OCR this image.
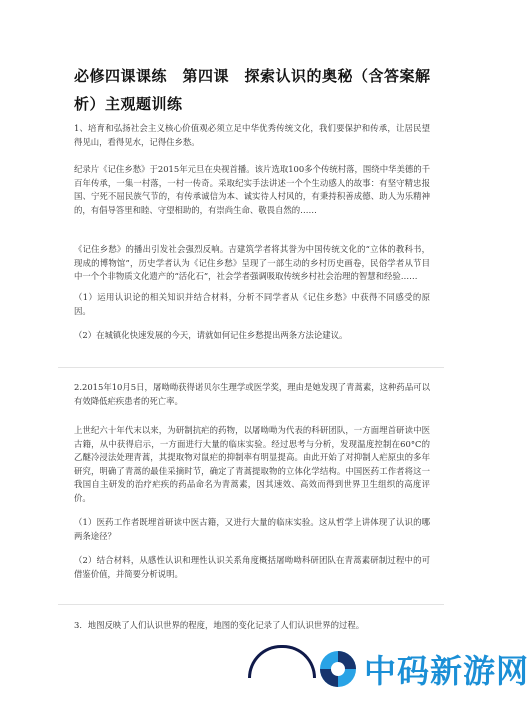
必修四课课练　第四课　探索认识的奥秘（含答案解析）主观题训练

1、培育和弘扬社会主义核心价值观必须立足中华优秀传统文化，我们要保护和传承，让居民望得见山，看得见水，记得住乡愁。

纪录片《记住乡愁》于2015年元旦在央视首播。该片选取100多个传统村落，围绕中华美德的千百年传承，一集一村落，一村一传奇。采取纪实手法讲述一个个生动感人的故事：有坚守精忠报国、宁死不屈民族气节的，有传承诚信为本、诚实待人村风的，有秉持积善成德、助人为乐精神的，有倡导答里和睦、守望相助的，有崇尚生命、敬畏自然的……

《记住乡愁》的播出引发社会强烈反响。吉建筑学者将其誉为中国传统文化的“立体的教科书，现成的博物馆”，历史学者认为《记住乡愁》呈现了一部生动的乡村历史画卷，民俗学者从节目中一个个非物质文化遗产的“活化石”，社会学者强调吸取传统乡村社会治理的智慧和经验……

（1）运用认识论的相关知识并结合材料，分析不同学者从《记住乡愁》中获得不同感受的原因。

（2）在城镇化快速发展的今天，请就如何记住乡愁提出两条方法论建议。

2.2015年10月5日，屠呦呦获得诺贝尔生理学或医学奖，理由是她发现了青蒿素，这种药品可以有效降低疟疾患者的死亡率。

上世纪六十年代末以来，为研制抗疟的药物，以屠呦呦为代表的科研团队，一方面埋首研读中医古籍，从中获得启示，一方面进行大量的临床实验。经过思考与分析，发现温度控制在60°C的乙醚冷浸法处理青蒿，其提取物对鼠疟的抑制率有明显提高。由此开始了对抑制人疟原虫的多年研究，明确了青蒿的最佳采摘时节，确定了青蒿提取物的立体化学结构。中国医药工作者将这一我国自主研发的治疗疟疾的药品命名为青蒿素，因其速效、高效而得到世界卫生组织的高度评价。

（1）医药工作者既埋首研读中医古籍，又进行大量的临床实验。这从哲学上讲体现了认识的哪两条途径？

（2）结合材料，从感性认识和理性认识关系角度概括屠呦呦科研团队在青蒿素研制过程中的可借鉴价值，并简要分析说明。

3．地图反映了人们认识世界的程度，地图的变化记录了人们认识世界的过程。

中码新游网
